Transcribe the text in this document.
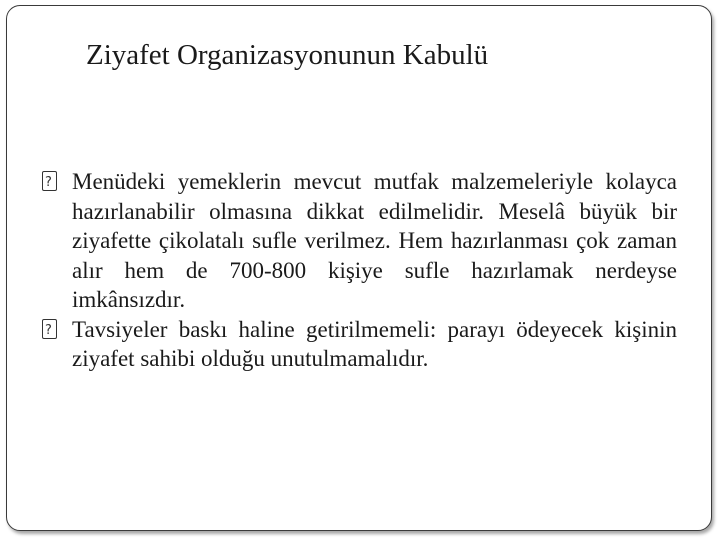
Ziyafet Organizasyonunun Kabulü
?
Menüdeki yemeklerin mevcut mutfak malzemeleriyle kolayca hazırlanabilir olmasına dikkat edilmelidir. Meselâ büyük bir ziyafette çikolatalı sufle verilmez. Hem hazırlanması çok zaman alır hem de 700-800 kişiye sufle hazırlamak nerdeyse imkânsızdır.
?
Tavsiyeler baskı haline getirilmemeli: parayı ödeyecek kişinin ziyafet sahibi olduğu unutulmamalıdır.
